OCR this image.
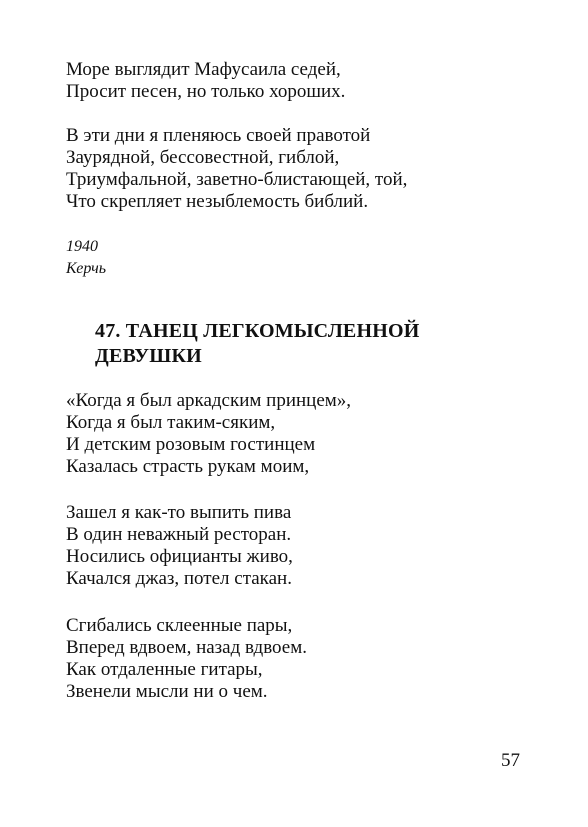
Море выглядит Мафусаила седей,
Просит песен, но только хороших.
В эти дни я пленяюсь своей правотой
Заурядной, бессовестной, гиблой,
Триумфальной, заветно-блистающей, той,
Что скрепляет незыблемость библий.
1940
Керчь
47. ТАНЕЦ ЛЕГКОМЫСЛЕННОЙ
ДЕВУШКИ
«Когда я был аркадским принцем»,
Когда я был таким-сяким,
И детским розовым гостинцем
Казалась страсть рукам моим,
Зашел я как-то выпить пива
В один неважный ресторан.
Носились официанты живо,
Качался джаз, потел стакан.
Сгибались склеенные пары,
Вперед вдвоем, назад вдвоем.
Как отдаленные гитары,
Звенели мысли ни о чем.
57
